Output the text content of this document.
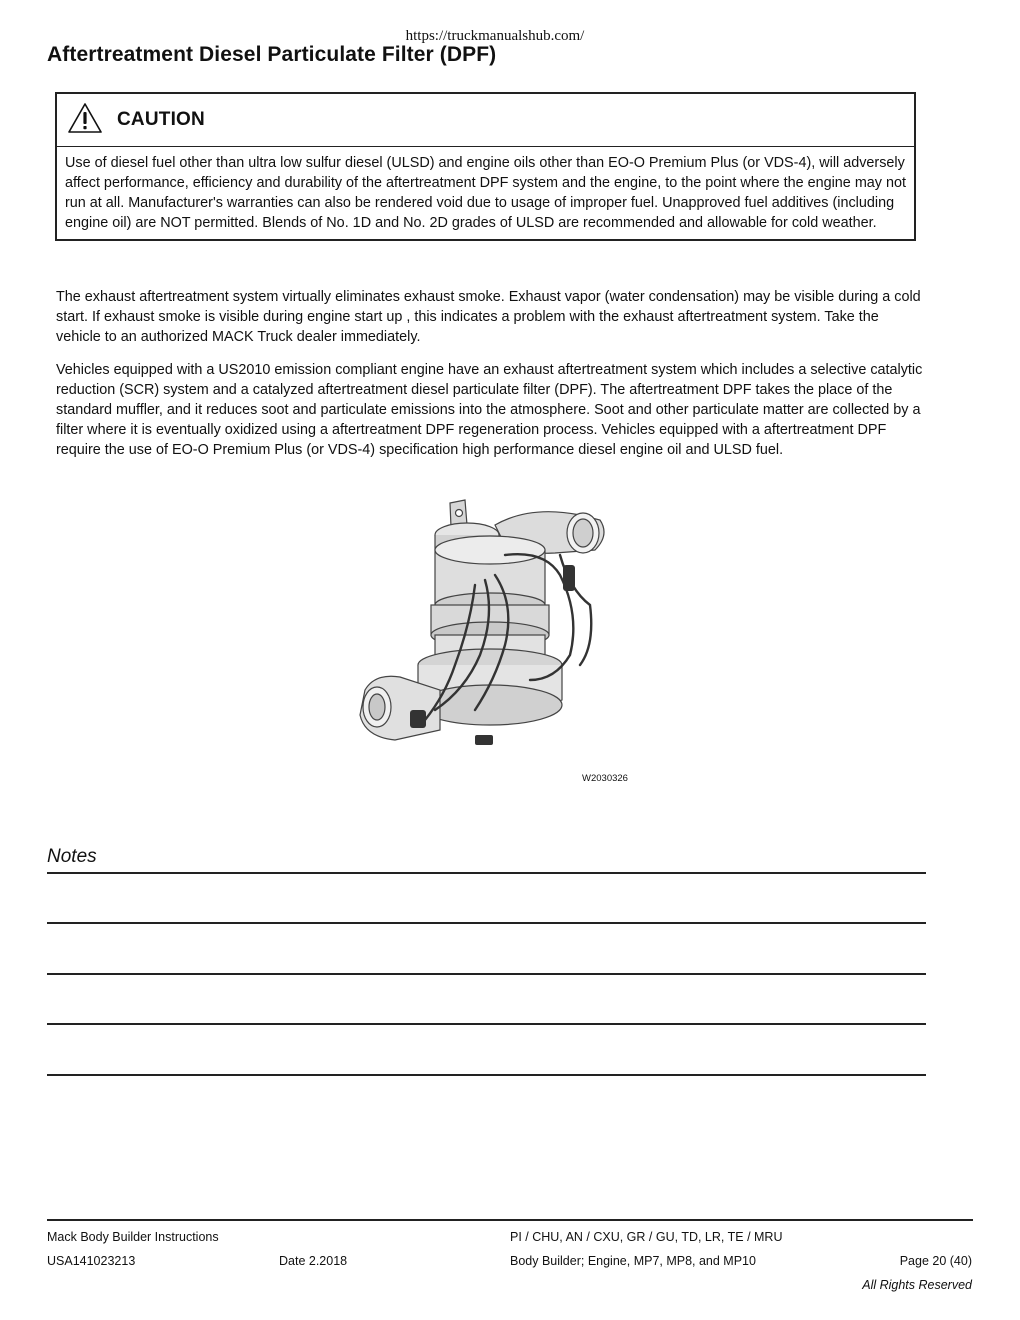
https://truckmanualshub.com/
Aftertreatment Diesel Particulate Filter (DPF)
CAUTION
Use of diesel fuel other than ultra low sulfur diesel (ULSD) and engine oils other than EO-O Premium Plus (or VDS-4), will adversely affect performance, efficiency and durability of the aftertreatment DPF system and the engine, to the point where the engine may not run at all. Manufacturer's warranties can also be rendered void due to usage of improper fuel. Unapproved fuel additives (including engine oil) are NOT permitted. Blends of No. 1D and No. 2D grades of ULSD are recommended and allowable for cold weather.

The exhaust aftertreatment system virtually eliminates exhaust smoke. Exhaust vapor (water condensation) may be visible during a cold start. If exhaust smoke is visible during engine start up , this indicates a problem with the exhaust aftertreatment system. Take the vehicle to an authorized MACK Truck dealer immediately.

Vehicles equipped with a US2010 emission compliant engine have an exhaust aftertreatment system which includes a selective catalytic reduction (SCR) system and a catalyzed aftertreatment diesel particulate filter (DPF). The aftertreatment DPF takes the place of the standard muffler, and it reduces soot and particulate emissions into the atmosphere. Soot and other particulate matter are collected by a filter where it is eventually oxidized using a aftertreatment DPF regeneration process. Vehicles equipped with a aftertreatment DPF require the use of EO-O Premium Plus (or VDS-4) specification high performance diesel engine oil and ULSD fuel.

W2030326
Notes
Mack Body Builder Instructions	PI / CHU, AN / CXU, GR / GU, TD, LR, TE / MRU
USA141023213	Date 2.2018	Body Builder; Engine, MP7, MP8, and MP10	Page 20 (40)
All Rights Reserved
